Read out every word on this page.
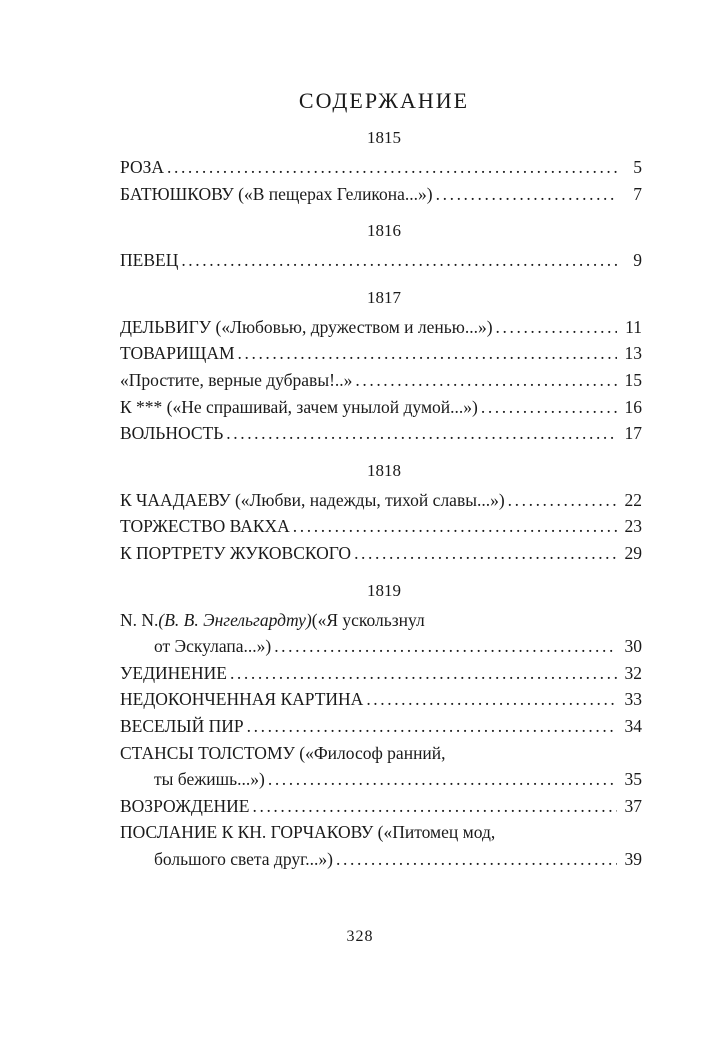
СОДЕРЖАНИЕ
1815
РОЗА .....	5
БАТЮШКОВУ («В пещерах Геликона...») .....	7
1816
ПЕВЕЦ .....	9
1817
ДЕЛЬВИГУ («Любовью, дружеством и ленью...») .....	11
ТОВАРИЩАМ .....	13
«Простите, верные дубравы!..» .....	15
К *** («Не спрашивай, зачем унылой думой...») .....	16
ВОЛЬНОСТЬ .....	17
1818
К ЧААДАЕВУ («Любви, надежды, тихой славы...») .....	22
ТОРЖЕСТВО ВАКХА .....	23
К ПОРТРЕТУ ЖУКОВСКОГО .....	29
1819
N. N. (В. В. Энгельгардту) («Я ускользнул
от Эскулапа...») .....	30
УЕДИНЕНИЕ .....	32
НЕДОКОНЧЕННАЯ КАРТИНА .....	33
ВЕСЕЛЫЙ ПИР .....	34
СТАНСЫ ТОЛСТОМУ («Философ ранний,
ты бежишь...») .....	35
ВОЗРОЖДЕНИЕ .....	37
ПОСЛАНИЕ К КН. ГОРЧАКОВУ («Питомец мод,
большого света друг...») .....	39
328
